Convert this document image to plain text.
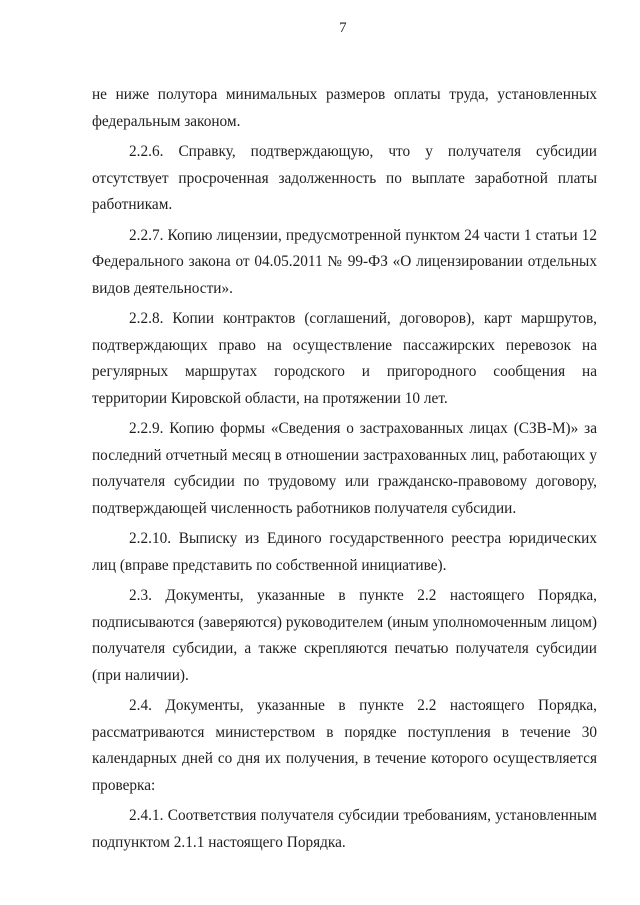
7

не ниже полутора минимальных размеров оплаты труда, установленных федеральным законом.

2.2.6. Справку, подтверждающую, что у получателя субсидии отсутствует просроченная задолженность по выплате заработной платы работникам.

2.2.7. Копию лицензии, предусмотренной пунктом 24 части 1 статьи 12 Федерального закона от 04.05.2011 № 99-ФЗ «О лицензировании отдельных видов деятельности».

2.2.8. Копии контрактов (соглашений, договоров), карт маршрутов, подтверждающих право на осуществление пассажирских перевозок на регулярных маршрутах городского и пригородного сообщения на территории Кировской области, на протяжении 10 лет.

2.2.9. Копию формы «Сведения о застрахованных лицах (СЗВ-М)» за последний отчетный месяц в отношении застрахованных лиц, работающих у получателя субсидии по трудовому или гражданско-правовому договору, подтверждающей численность работников получателя субсидии.

2.2.10. Выписку из Единого государственного реестра юридических лиц (вправе представить по собственной инициативе).

2.3. Документы, указанные в пункте 2.2 настоящего Порядка, подписываются (заверяются) руководителем (иным уполномоченным лицом) получателя субсидии, а также скрепляются печатью получателя субсидии (при наличии).

2.4. Документы, указанные в пункте 2.2 настоящего Порядка, рассматриваются министерством в порядке поступления в течение 30 календарных дней со дня их получения, в течение которого осуществляется проверка:

2.4.1. Соответствия получателя субсидии требованиям, установленным подпунктом 2.1.1 настоящего Порядка.
